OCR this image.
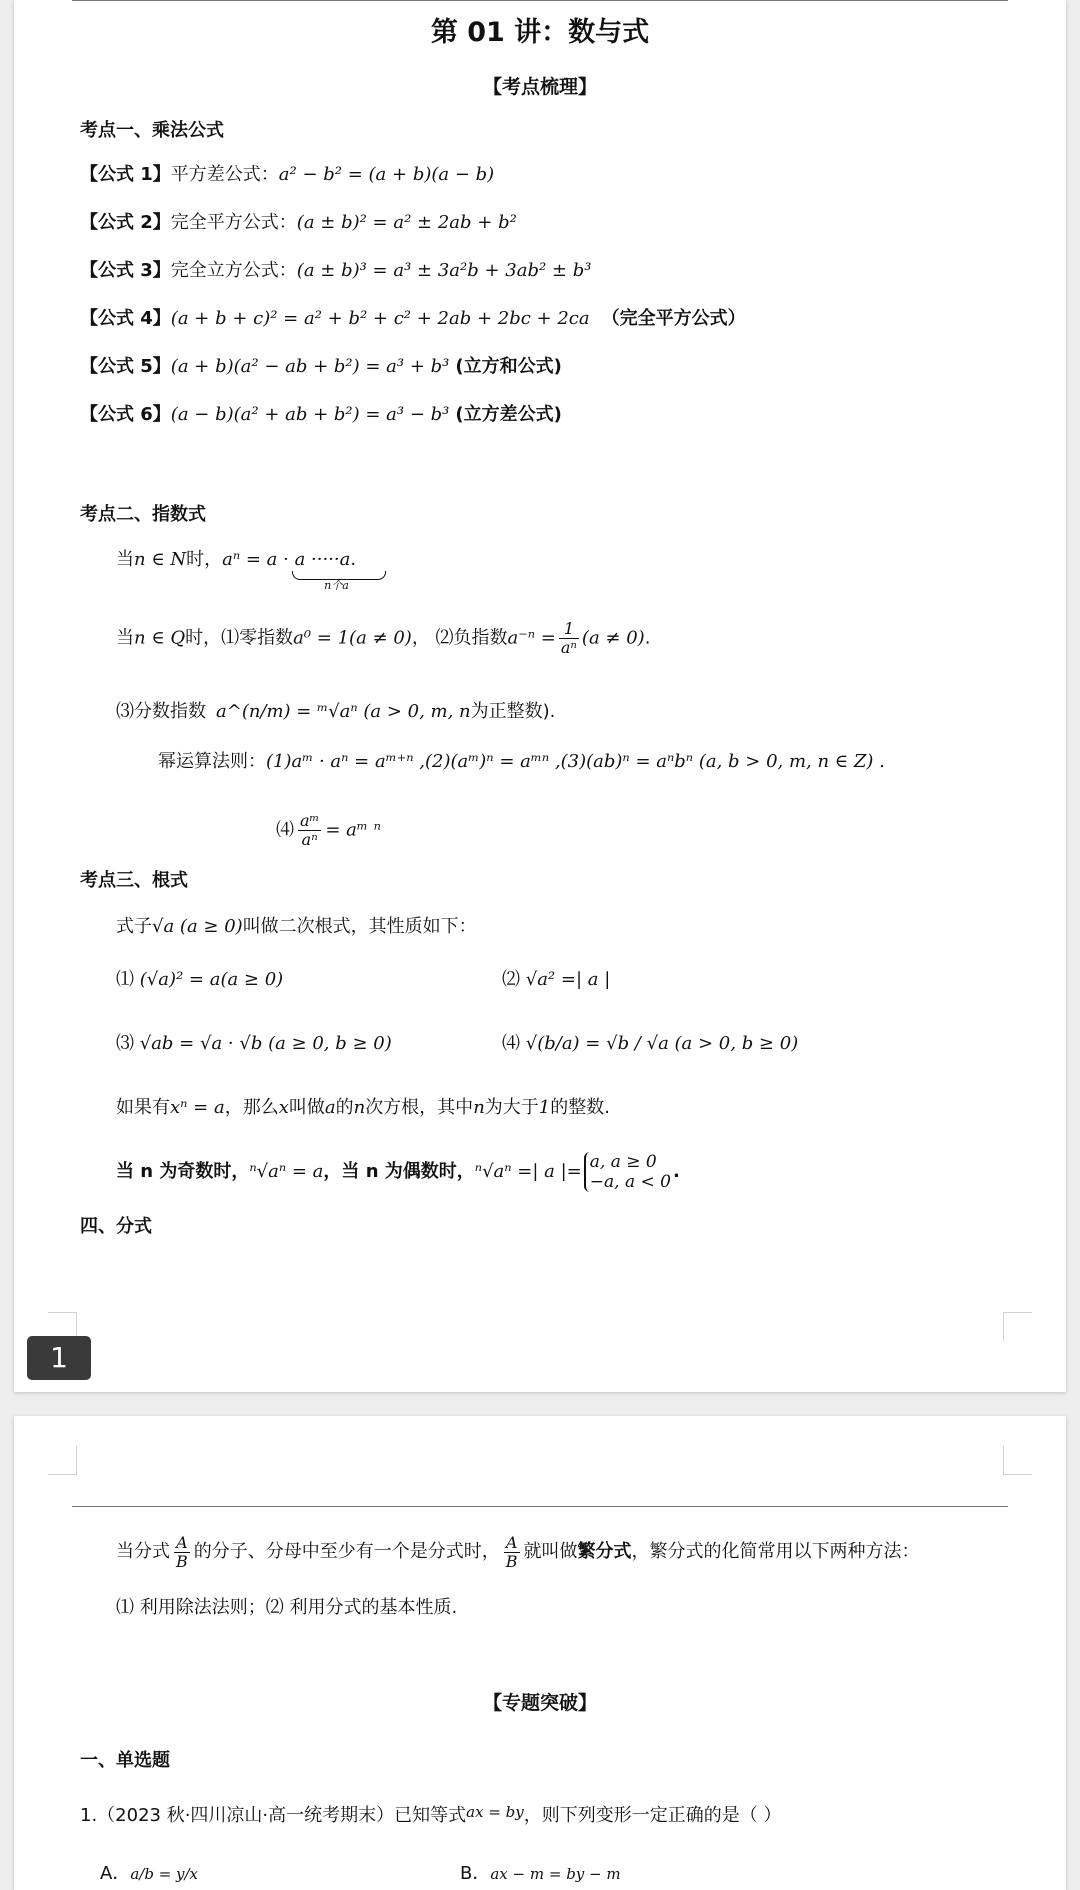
第 01 讲：数与式
【考点梳理】
考点一、乘法公式
【公式 1】平方差公式：a² − b² = (a + b)(a − b)
【公式 2】完全平方公式：(a ± b)² = a² ± 2ab + b²
【公式 3】完全立方公式：(a ± b)³ = a³ ± 3a²b + 3ab² ± b³
【公式 4】(a + b + c)² = a² + b² + c² + 2ab + 2bc + 2ca （完全平方公式）
【公式 5】(a + b)(a² − ab + b²) = a³ + b³ (立方和公式)
【公式 6】(a − b)(a² + ab + b²) = a³ − b³ (立方差公式)
考点二、指数式
当n ∈ N时，aⁿ = a · a ·····a
n个a
.
当n ∈ Q时，⑴零指数a⁰ = 1(a ≠ 0)， ⑵负指数$a^{-n} = \frac{1}{\text{aⁿ}} (a \ne 0)$.
⑶分数指数 a^(n/m) = ᵐ√aⁿ (a > 0, m, n为正整数).
幂运算法则：(1)aᵐ · aⁿ = aᵐ⁺ⁿ ,(2)(aᵐ)ⁿ = aᵐⁿ ,(3)(ab)ⁿ = aⁿbⁿ (a, b > 0, m, n ∈ Z) .
⑷ $\frac{\text{aᵐ}}{\text{aⁿ}}$ = aᵐ ⁿ
考点三、根式
式子√a (a ≥ 0)叫做二次根式，其性质如下：
⑴ (√a)² = a(a ≥ 0)	⑵ √a² =| a |
⑶ √ab = √a · √b (a ≥ 0, b ≥ 0)	⑷ √(b/a) = √b / √a (a > 0, b ≥ 0)
如果有xⁿ = a，那么x叫做a的n次方根，其中n为大于1的整数.
当 n 为奇数时，ⁿ√aⁿ = a，当 n 为偶数时，ⁿ√aⁿ =| a |= a, a ≥ 0
−a, a < 0 .
四、分式
1
当分式 $\frac{A}{B}$ 的分子、分母中至少有一个是分式时， $\frac{A}{B}$ 就叫做繁分式，繁分式的化简常用以下两种方法：
⑴ 利用除法法则；⑵ 利用分式的基本性质.
【专题突破】
一、单选题
1.（2023 秋·四川凉山·高一统考期末）已知等式$^{ax = by}$，则下列变形一定正确的是（ ）
A．a/b = y/x	B．ax − m = by − m
